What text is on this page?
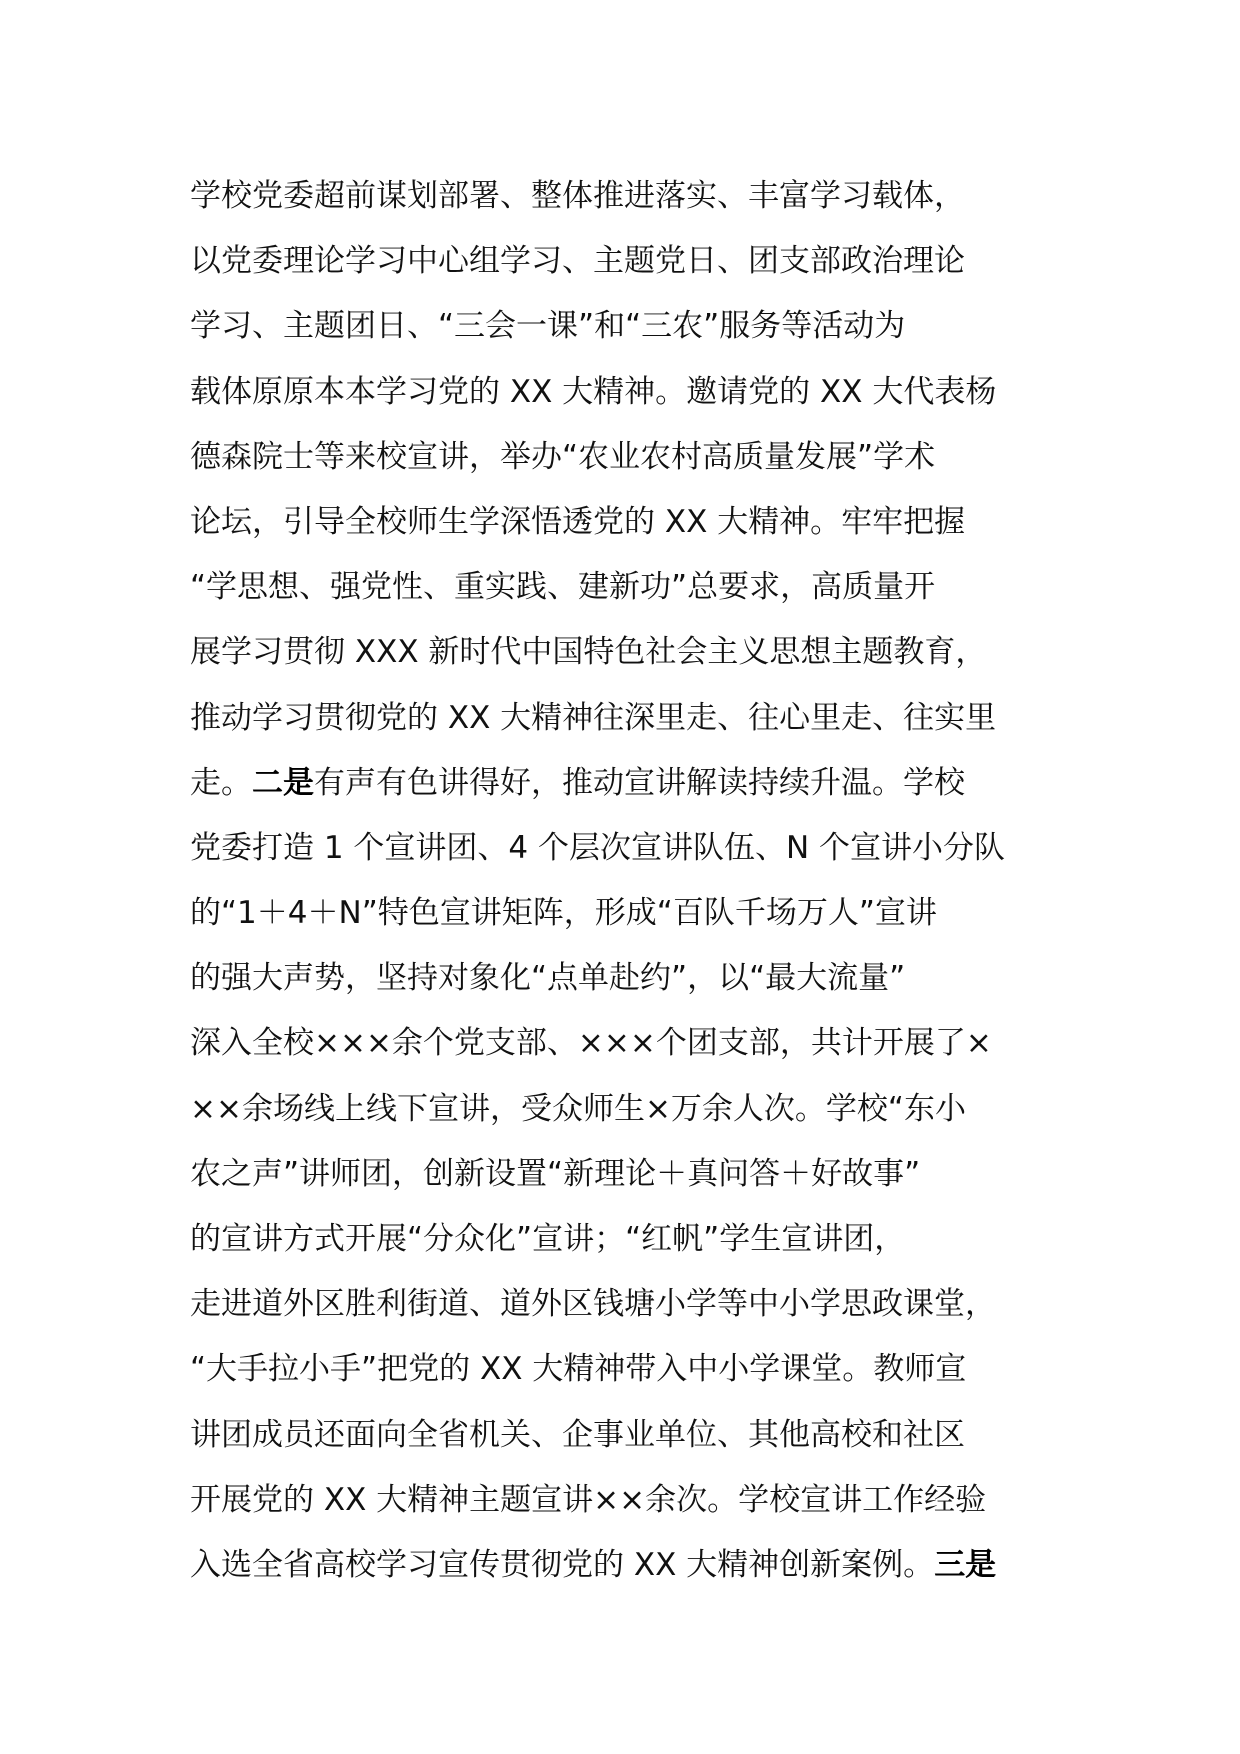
学校党委超前谋划部署、整体推进落实、丰富学习载体，
以党委理论学习中心组学习、主题党日、团支部政治理论
学习、主题团日、“三会一课”和“三农”服务等活动为
载体原原本本学习党的 XX 大精神。邀请党的 XX 大代表杨
德森院士等来校宣讲，举办“农业农村高质量发展”学术
论坛，引导全校师生学深悟透党的 XX 大精神。牢牢把握
“学思想、强党性、重实践、建新功”总要求，高质量开
展学习贯彻 XXX 新时代中国特色社会主义思想主题教育，
推动学习贯彻党的 XX 大精神往深里走、往心里走、往实里
走。二是有声有色讲得好，推动宣讲解读持续升温。学校
党委打造 1 个宣讲团、4 个层次宣讲队伍、N 个宣讲小分队
的“1＋4＋N”特色宣讲矩阵，形成“百队千场万人”宣讲
的强大声势，坚持对象化“点单赴约”，以“最大流量”
深入全校×××余个党支部、×××个团支部，共计开展了×
××余场线上线下宣讲，受众师生×万余人次。学校“东小
农之声”讲师团，创新设置“新理论＋真问答＋好故事”
的宣讲方式开展“分众化”宣讲；“红帆”学生宣讲团，
走进道外区胜利街道、道外区钱塘小学等中小学思政课堂，
“大手拉小手”把党的 XX 大精神带入中小学课堂。教师宣
讲团成员还面向全省机关、企事业单位、其他高校和社区
开展党的 XX 大精神主题宣讲××余次。学校宣讲工作经验
入选全省高校学习宣传贯彻党的 XX 大精神创新案例。三是
